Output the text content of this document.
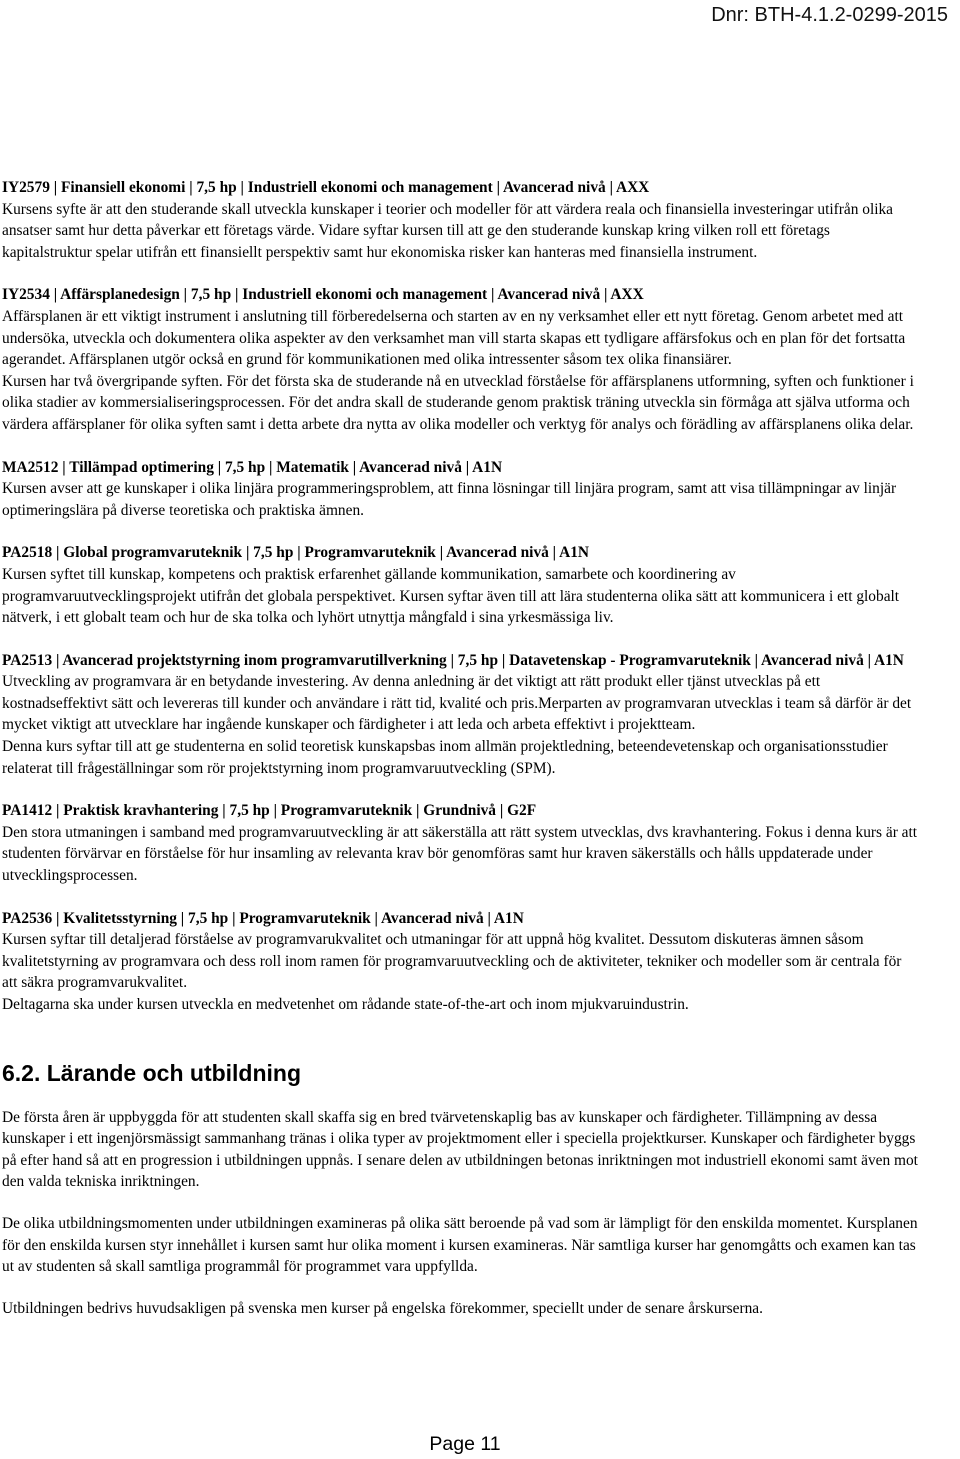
Dnr: BTH-4.1.2-0299-2015
IY2579 | Finansiell ekonomi | 7,5 hp | Industriell ekonomi och management | Avancerad nivå | AXX

Kursens syfte är att den studerande skall utveckla kunskaper i teorier och modeller för att värdera reala och finansiella investeringar utifrån olika ansatser samt hur detta påverkar ett företags värde. Vidare syftar kursen till att ge den studerande kunskap kring vilken roll ett företags kapitalstruktur spelar utifrån ett finansiellt perspektiv samt hur ekonomiska risker kan hanteras med finansiella instrument.

IY2534 | Affärsplanedesign | 7,5 hp | Industriell ekonomi och management | Avancerad nivå | AXX

Affärsplanen är ett viktigt instrument i anslutning till förberedelserna och starten av en ny verksamhet eller ett nytt företag. Genom arbetet med att undersöka, utveckla och dokumentera olika aspekter av den verksamhet man vill starta skapas ett tydligare affärsfokus och en plan för det fortsatta agerandet. Affärsplanen utgör också en grund för kommunikationen med olika intressenter såsom tex olika finansiärer.

Kursen har två övergripande syften. För det första ska de studerande nå en utvecklad förståelse för affärsplanens utformning, syften och funktioner i olika stadier av kommersialiseringsprocessen. För det andra skall de studerande genom praktisk träning utveckla sin förmåga att själva utforma och värdera affärsplaner för olika syften samt i detta arbete dra nytta av olika modeller och verktyg för analys och förädling av affärsplanens olika delar.

MA2512 | Tillämpad optimering | 7,5 hp | Matematik | Avancerad nivå | A1N

Kursen avser att ge kunskaper i olika linjära programmeringsproblem, att finna lösningar till linjära program, samt att visa tillämpningar av linjär optimeringslära på diverse teoretiska och praktiska ämnen.

PA2518 | Global programvaruteknik | 7,5 hp | Programvaruteknik | Avancerad nivå | A1N

Kursen syftet till kunskap, kompetens och praktisk erfarenhet gällande kommunikation, samarbete och koordinering av programvaruutvecklingsprojekt utifrån det globala perspektivet. Kursen syftar även till att lära studenterna olika sätt att kommunicera i ett globalt nätverk, i ett globalt team och hur de ska tolka och lyhört utnyttja mångfald i sina yrkesmässiga liv.

PA2513 | Avancerad projektstyrning inom programvarutillverkning | 7,5 hp | Datavetenskap - Programvaruteknik | Avancerad nivå | A1N

Utveckling av programvara är en betydande investering. Av denna anledning är det viktigt att rätt produkt eller tjänst utvecklas på ett kostnadseffektivt sätt och levereras till kunder och användare i rätt tid, kvalité och pris.Merparten av programvaran utvecklas i team så därför är det mycket viktigt att utvecklare har ingående kunskaper och färdigheter i att leda och arbeta effektivt i projektteam.

Denna kurs syftar till att ge studenterna en solid teoretisk kunskapsbas inom allmän projektledning, beteendevetenskap och organisationsstudier relaterat till frågeställningar som rör projektstyrning inom programvaruutveckling (SPM).

PA1412 | Praktisk kravhantering | 7,5 hp | Programvaruteknik | Grundnivå | G2F

Den stora utmaningen i samband med programvaruutveckling är att säkerställa att rätt system utvecklas, dvs kravhantering. Fokus i denna kurs är att studenten förvärvar en förståelse för hur insamling av relevanta krav bör genomföras samt hur kraven säkerställs och hålls uppdaterade under utvecklingsprocessen.

PA2536 | Kvalitetsstyrning | 7,5 hp | Programvaruteknik | Avancerad nivå | A1N

Kursen syftar till detaljerad förståelse av programvarukvalitet och utmaningar för att uppnå hög kvalitet. Dessutom diskuteras ämnen såsom kvalitetstyrning av programvara och dess roll inom ramen för programvaruutveckling och de aktiviteter, tekniker och modeller som är centrala för att säkra programvarukvalitet.

Deltagarna ska under kursen utveckla en medvetenhet om rådande state-of-the-art och inom mjukvaruindustrin.

6.2. Lärande och utbildning

De första åren är uppbyggda för att studenten skall skaffa sig en bred tvärvetenskaplig bas av kunskaper och färdigheter. Tillämpning av dessa kunskaper i ett ingenjörsmässigt sammanhang tränas i olika typer av projektmoment eller i speciella projektkurser. Kunskaper och färdigheter byggs på efter hand så att en progression i utbildningen uppnås. I senare delen av utbildningen betonas inriktningen mot industriell ekonomi samt även mot den valda tekniska inriktningen.

De olika utbildningsmomenten under utbildningen examineras på olika sätt beroende på vad som är lämpligt för den enskilda momentet. Kursplanen för den enskilda kursen styr innehållet i kursen samt hur olika moment i kursen examineras. När samtliga kurser har genomgåtts och examen kan tas ut av studenten så skall samtliga programmål för programmet vara uppfyllda.

Utbildningen bedrivs huvudsakligen på svenska men kurser på engelska förekommer, speciellt under de senare årskurserna.

Page 11
